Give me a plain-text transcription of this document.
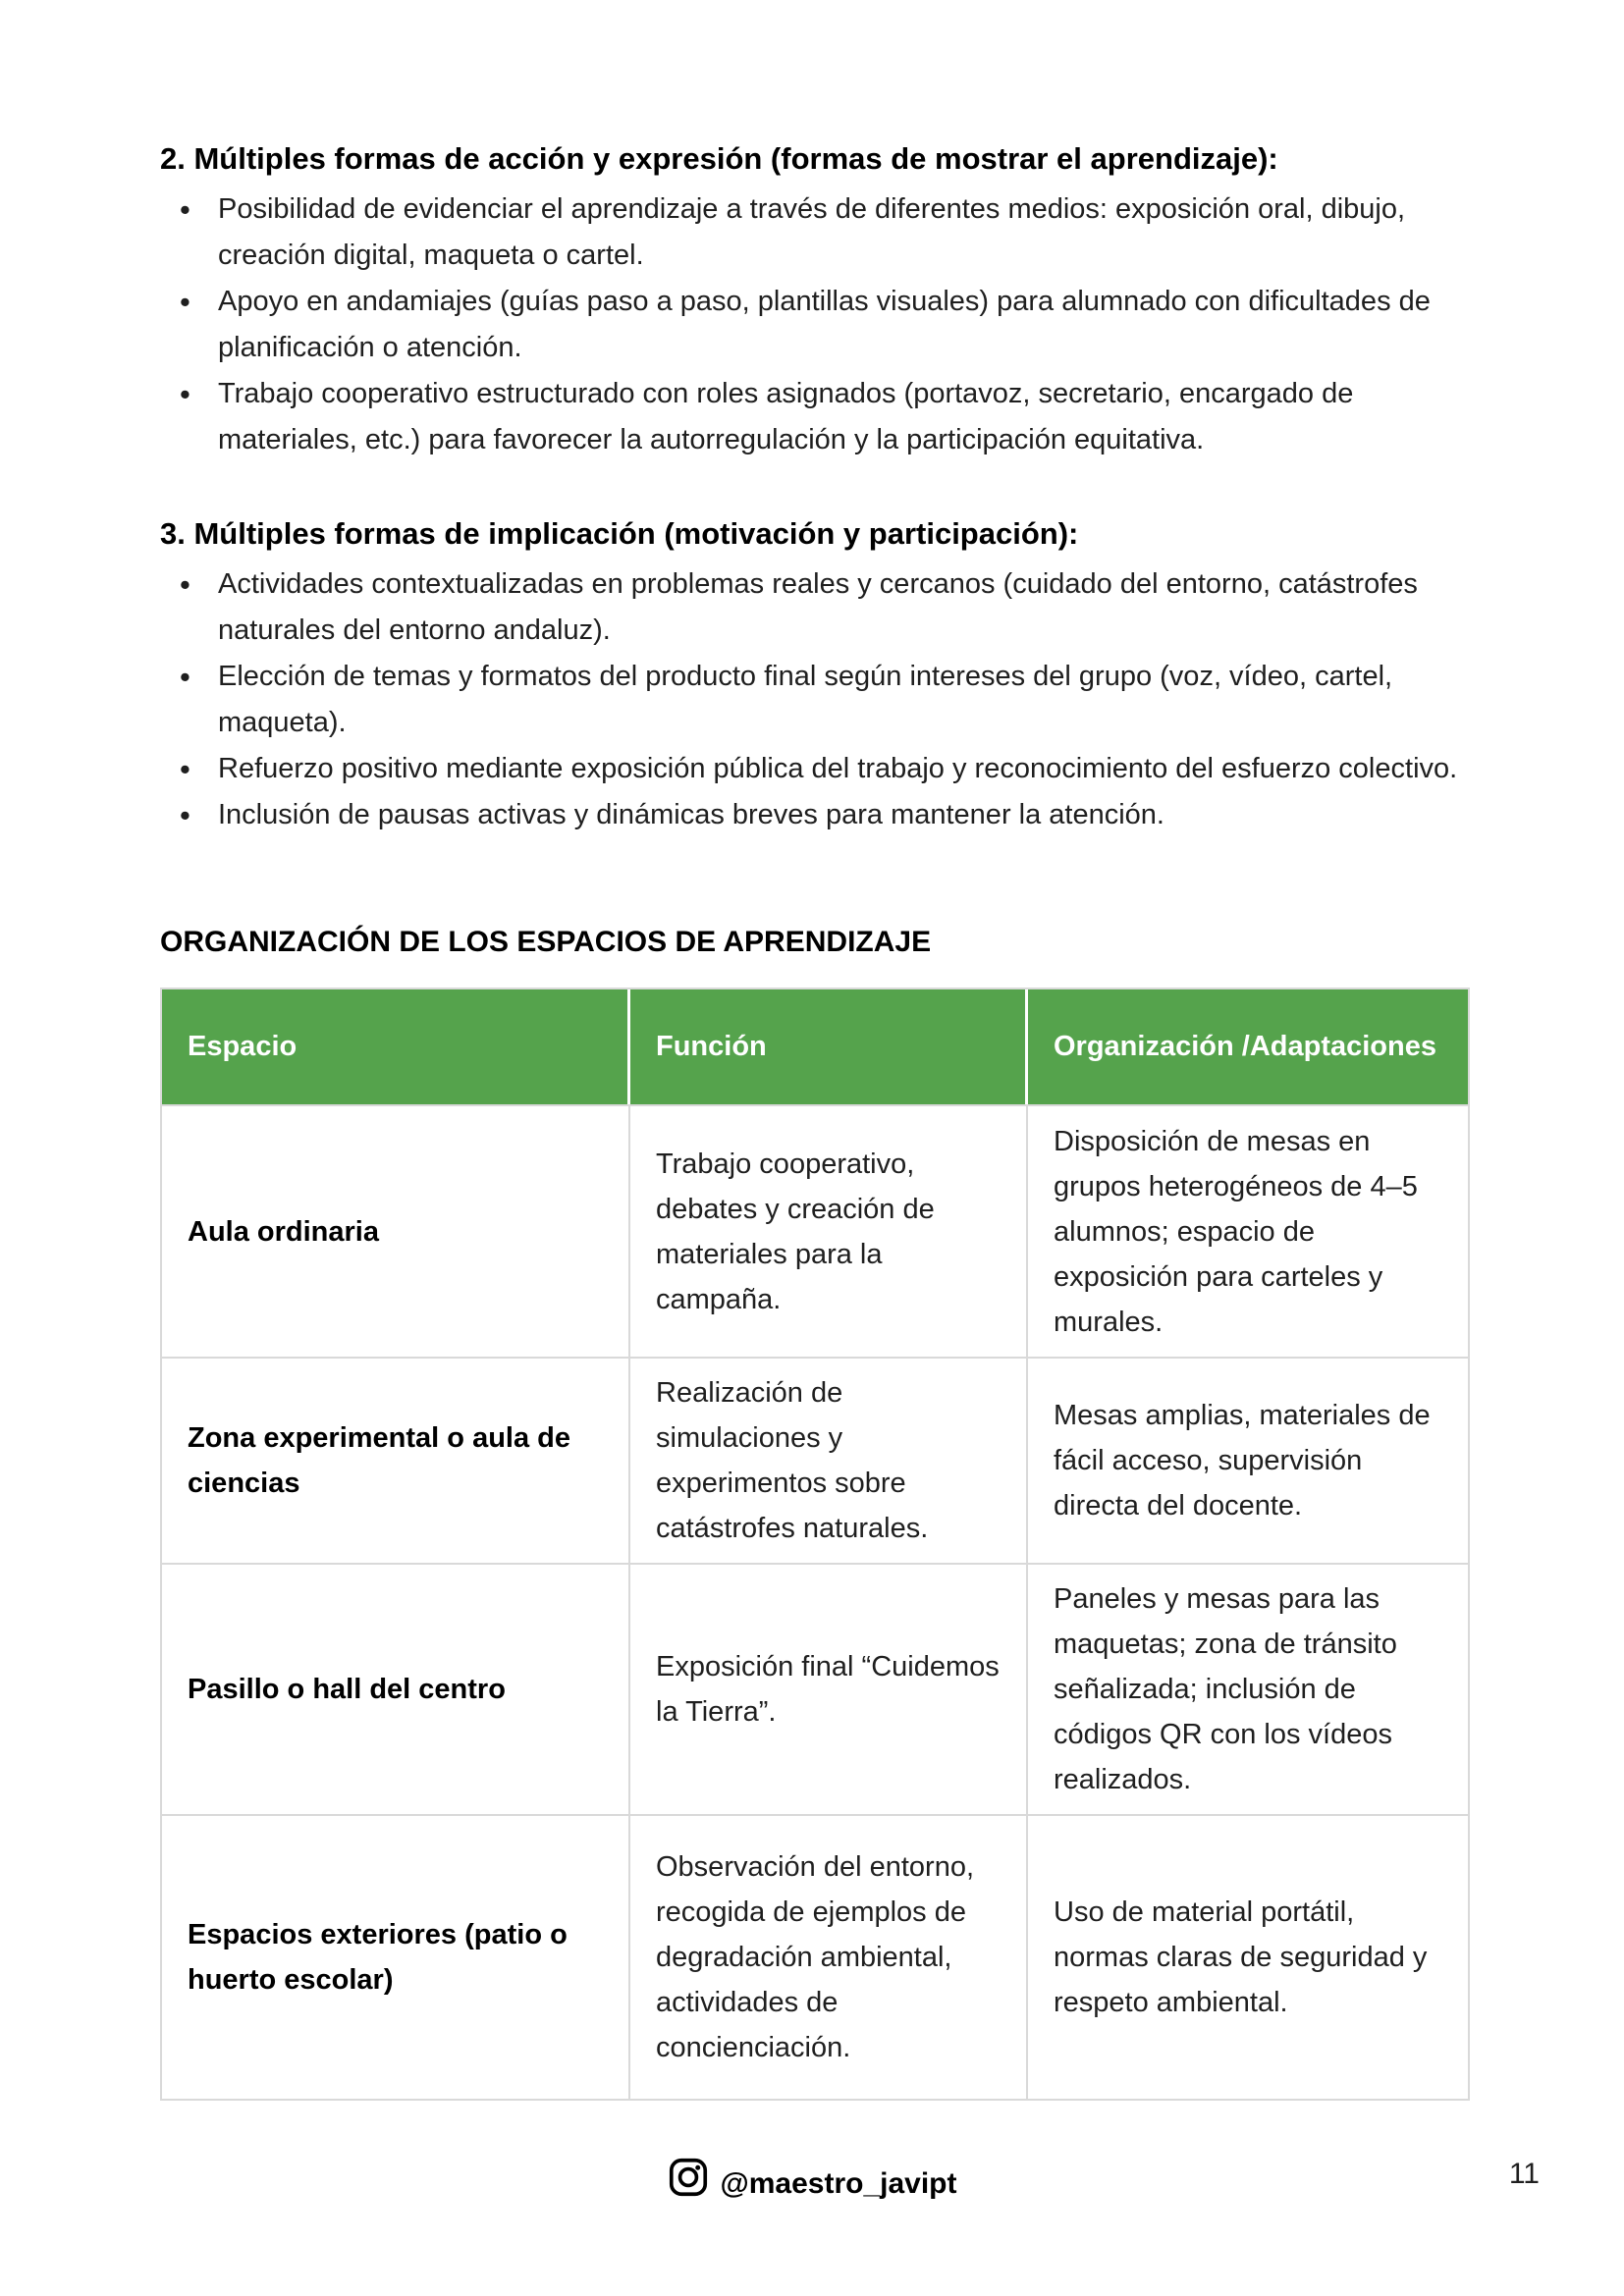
2. Múltiples formas de acción y expresión (formas de mostrar el aprendizaje):
• Posibilidad de evidenciar el aprendizaje a través de diferentes medios: exposición oral, dibujo, creación digital, maqueta o cartel.
• Apoyo en andamiajes (guías paso a paso, plantillas visuales) para alumnado con dificultades de planificación o atención.
• Trabajo cooperativo estructurado con roles asignados (portavoz, secretario, encargado de materiales, etc.) para favorecer la autorregulación y la participación equitativa.
3. Múltiples formas de implicación (motivación y participación):
• Actividades contextualizadas en problemas reales y cercanos (cuidado del entorno, catástrofes naturales del entorno andaluz).
• Elección de temas y formatos del producto final según intereses del grupo (voz, vídeo, cartel, maqueta).
• Refuerzo positivo mediante exposición pública del trabajo y reconocimiento del esfuerzo colectivo.
• Inclusión de pausas activas y dinámicas breves para mantener la atención.
ORGANIZACIÓN DE LOS ESPACIOS DE APRENDIZAJE
Espacio	Función	Organización /Adaptaciones
Aula ordinaria	Trabajo cooperativo, debates y creación de materiales para la campaña.	Disposición de mesas en grupos heterogéneos de 4–5 alumnos; espacio de exposición para carteles y murales.
Zona experimental o aula de ciencias	Realización de simulaciones y experimentos sobre catástrofes naturales.	Mesas amplias, materiales de fácil acceso, supervisión directa del docente.
Pasillo o hall del centro	Exposición final “Cuidemos la Tierra”.	Paneles y mesas para las maquetas; zona de tránsito señalizada; inclusión de códigos QR con los vídeos realizados.
Espacios exteriores (patio o huerto escolar)	Observación del entorno, recogida de ejemplos de degradación ambiental, actividades de concienciación.	Uso de material portátil, normas claras de seguridad y respeto ambiental.
@maestro_javipt	11
